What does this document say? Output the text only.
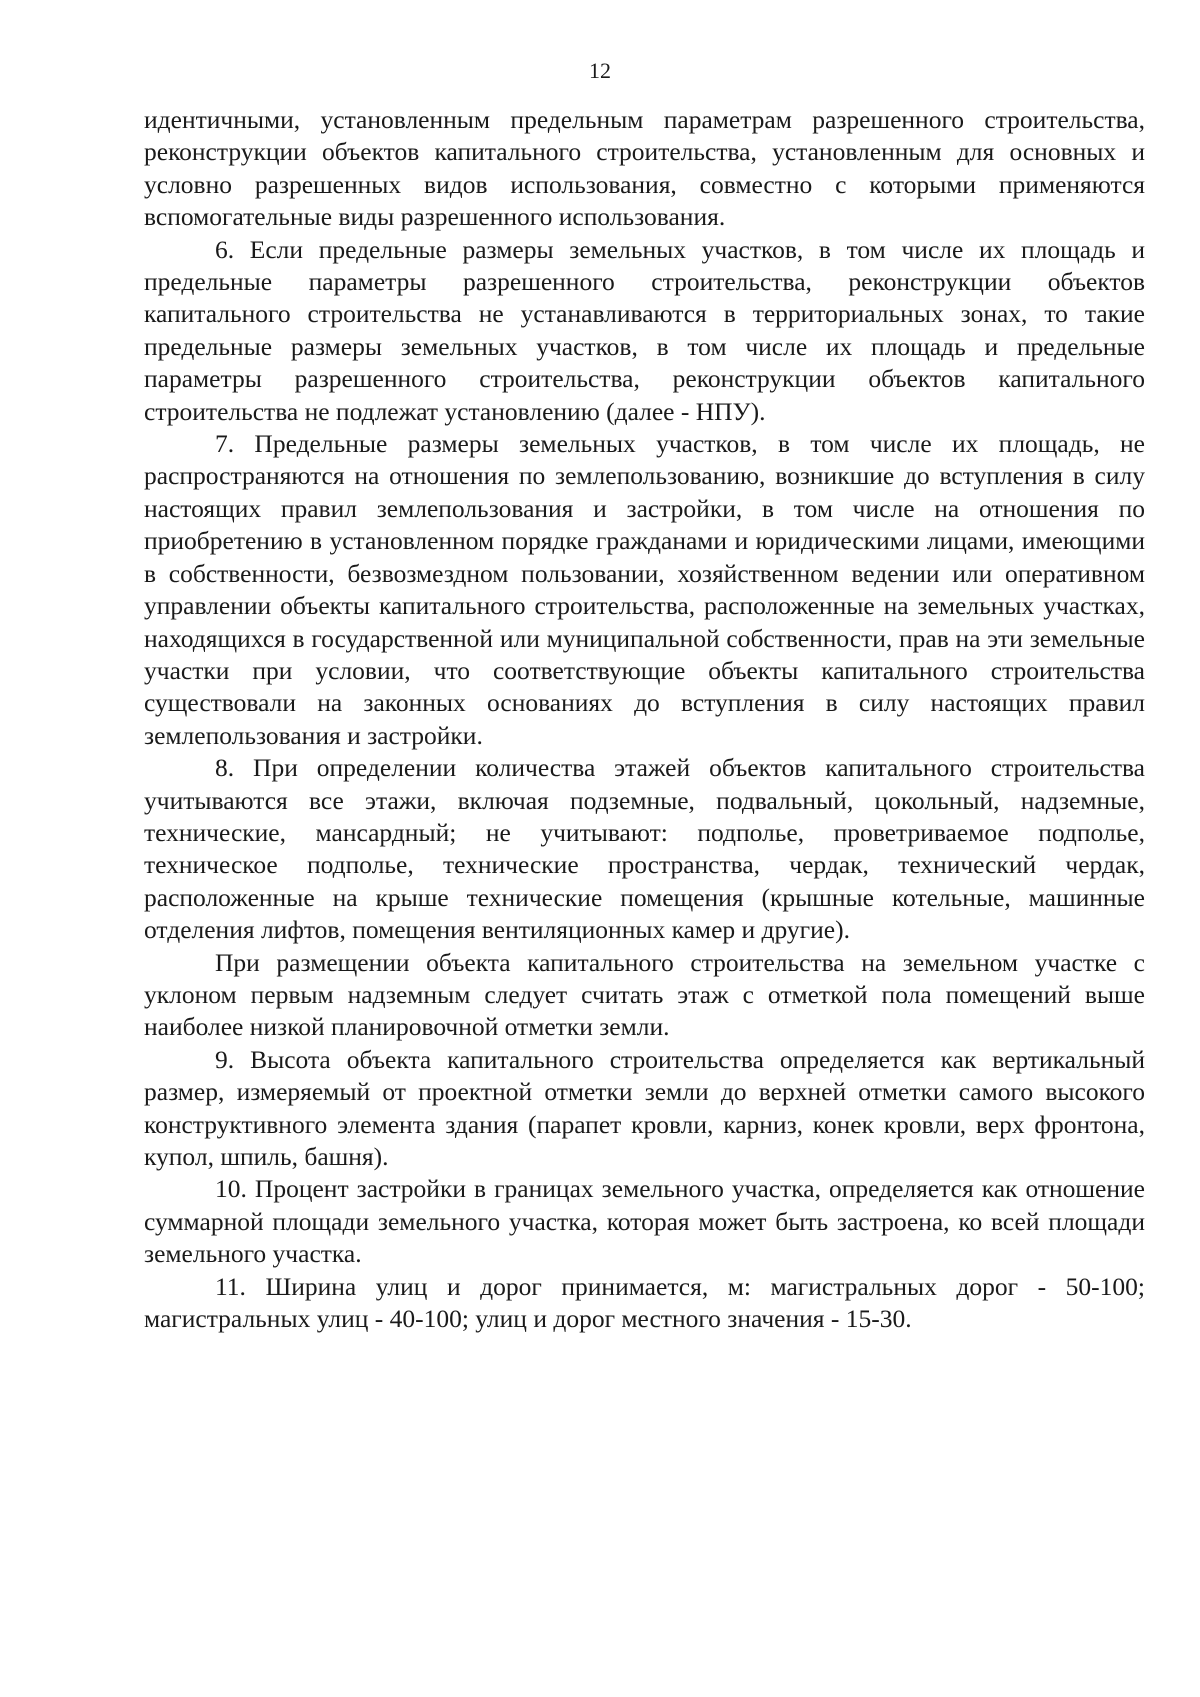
12

идентичными, установленным предельным параметрам разрешенного строительства, реконструкции объектов капитального строительства, установленным для основных и условно разрешенных видов использования, совместно с которыми применяются вспомогательные виды разрешенного использования.

6. Если предельные размеры земельных участков, в том числе их площадь и предельные параметры разрешенного строительства, реконструкции объектов капитального строительства не устанавливаются в территориальных зонах, то такие предельные размеры земельных участков, в том числе их площадь и предельные параметры разрешенного строительства, реконструкции объектов капитального строительства не подлежат установлению (далее - НПУ).

7. Предельные размеры земельных участков, в том числе их площадь, не распространяются на отношения по землепользованию, возникшие до вступления в силу настоящих правил землепользования и застройки, в том числе на отношения по приобретению в установленном порядке гражданами и юридическими лицами, имеющими в собственности, безвозмездном пользовании, хозяйственном ведении или оперативном управлении объекты капитального строительства, расположенные на земельных участках, находящихся в государственной или муниципальной собственности, прав на эти земельные участки при условии, что соответствующие объекты капитального строительства существовали на законных основаниях до вступления в силу настоящих правил землепользования и застройки.

8. При определении количества этажей объектов капитального строительства учитываются все этажи, включая подземные, подвальный, цокольный, надземные, технические, мансардный; не учитывают: подполье, проветриваемое подполье, техническое подполье, технические пространства, чердак, технический чердак, расположенные на крыше технические помещения (крышные котельные, машинные отделения лифтов, помещения вентиляционных камер и другие).

При размещении объекта капитального строительства на земельном участке с уклоном первым надземным следует считать этаж с отметкой пола помещений выше наиболее низкой планировочной отметки земли.

9. Высота объекта капитального строительства определяется как вертикальный размер, измеряемый от проектной отметки земли до верхней отметки самого высокого конструктивного элемента здания (парапет кровли, карниз, конек кровли, верх фронтона, купол, шпиль, башня).

10. Процент застройки в границах земельного участка, определяется как отношение суммарной площади земельного участка, которая может быть застроена, ко всей площади земельного участка.

11. Ширина улиц и дорог принимается, м: магистральных дорог - 50-100; магистральных улиц - 40-100; улиц и дорог местного значения - 15-30.
